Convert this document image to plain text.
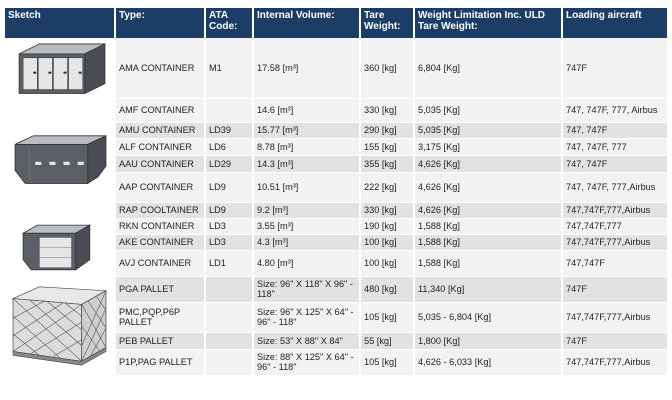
Sketch	Type:	ATA Code:	Internal Volume:	Tare Weight:	Weight Limitation Inc. ULD Tare Weight:	Loading aircraft

	AMA CONTAINER	M1	17.58 [m³]	360 [kg]	6,804 [Kg]	747F

	AMF CONTAINER		14.6 [m³]	330 [kg]	5,035 [Kg]	747, 747F, 777, Airbus
	AMU CONTAINER	LD39	15.77 [m³]	290 [kg]	5,035 [Kg]	747, 747F
	ALF CONTAINER	LD6	8.78 [m³]	155 [kg]	3,175 [Kg]	747, 747F, 777
	AAU CONTAINER	LD29	14.3 [m³]	355 [kg]	4,626 [Kg]	747, 747F
	AAP CONTAINER	LD9	10.51 [m³]	222 [kg]	4,626 [Kg]	747, 747F, 777,Airbus
	RAP COOLTAINER	LD9	9.2 [m³]	330 [kg]	4,626 [Kg]	747,747F,777,Airbus

	RKN CONTAINER	LD3	3.55 [m³]	190 [kg]	1,588 [Kg]	747,747F,777
	AKE CONTAINER	LD3	4.3 [m³]	100 [kg]	1,588 [Kg]	747,747F,777,Airbus
	AVJ CONTAINER	LD1	4.80 [m³]	100 [kg]	1,588 [Kg]	747,747F

	PGA PALLET		Size: 96" X 118" X 96" - 118"	480 [kg]	11,340 [Kg]	747F
	PMC,PQP,P6P PALLET		Size: 96" X 125" X 64" - 96" - 118"	105 [kg]	5,035 - 6,804 [Kg]	747,747F,777,Airbus
	PEB PALLET		Size: 53" X 88" X 84"	55 [kg]	1,800 [Kg]	747F
	P1P,PAG PALLET		Size: 88" X 125" X 64" - 96" - 118"	105 [kg]	4,626 - 6,033 [Kg]	747,747F,777,Airbus
